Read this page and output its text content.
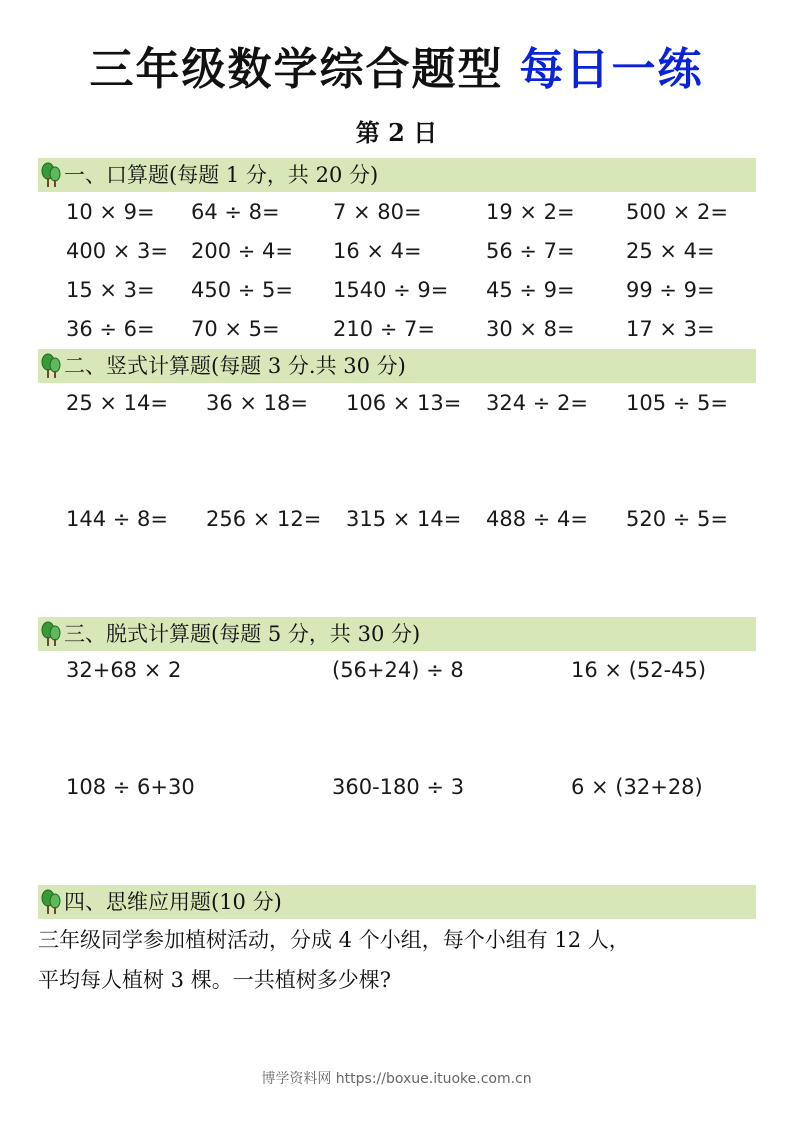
三年级数学综合题型 每日一练
第 2 日
一、口算题(每题 1 分，共 20 分)
10 × 9= 64 ÷ 8=	7 × 80=	19 × 2= 500 × 2=
400 × 3= 200 ÷ 4= 16 × 4=	56 ÷ 7= 25 × 4=
15 × 3= 450 ÷ 5= 1540 ÷ 9= 45 ÷ 9= 99 ÷ 9=
36 ÷ 6= 70 × 5=	210 ÷ 7= 30 × 8= 17 × 3=
二、竖式计算题(每题 3 分.共 30 分)
25 × 14= 36 × 18= 106 × 13= 324 ÷ 2= 105 ÷ 5=
144 ÷ 8= 256 × 12= 315 × 14= 488 ÷ 4= 520 ÷ 5=
三、脱式计算题(每题 5 分，共 30 分)
32+68 × 2	(56+24) ÷ 8	16 × (52-45)
108 ÷ 6+30	360-180 ÷ 3	6 × (32+28)
四、思维应用题(10 分)
三年级同学参加植树活动，分成 4 个小组，每个小组有 12 人，
平均每人植树 3 棵。一共植树多少棵?
博学资料网 https://boxue.ituoke.com.cn
